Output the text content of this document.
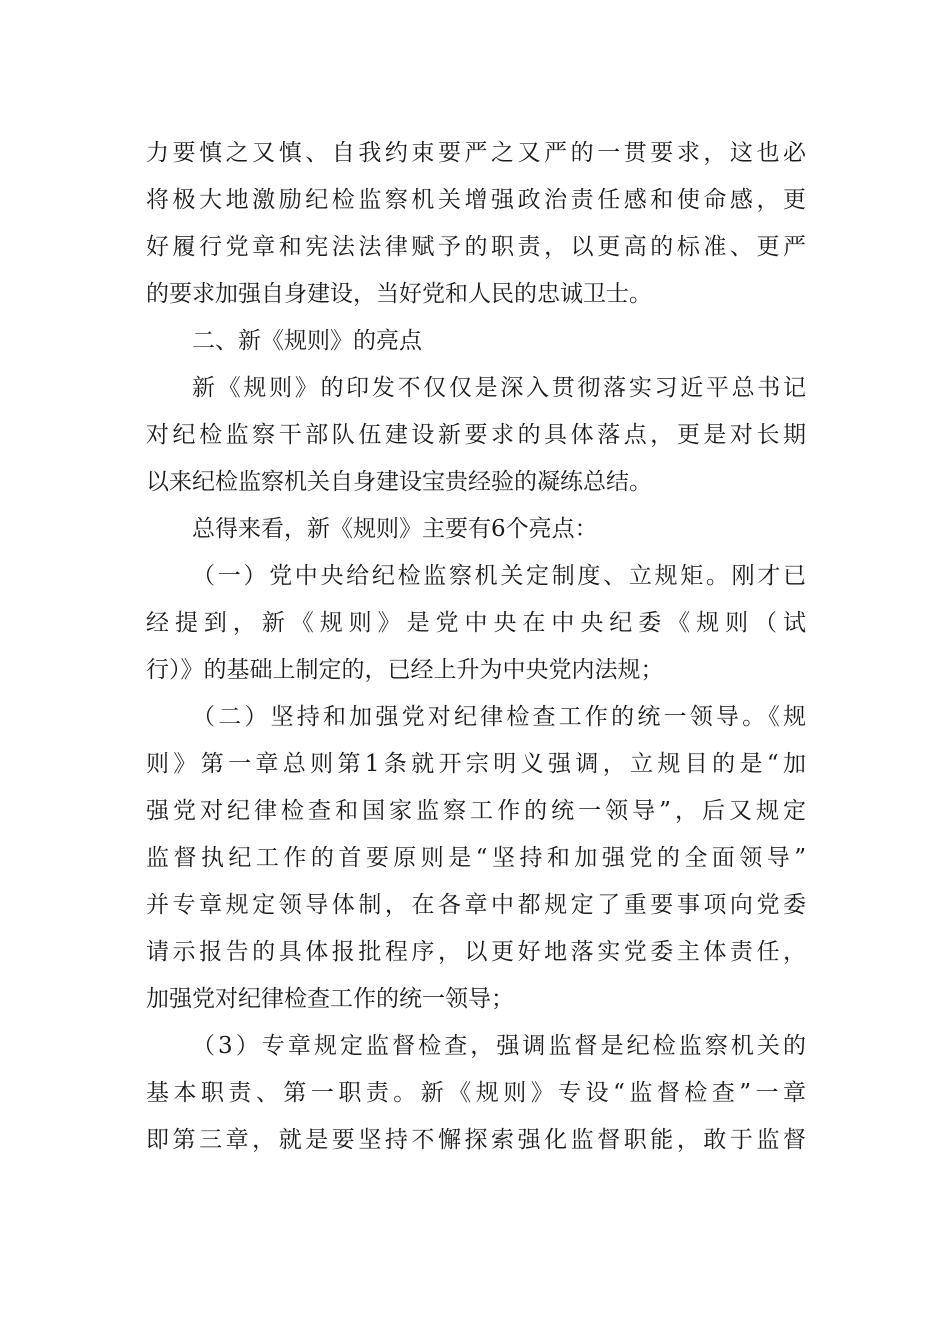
力要慎之又慎、自我约束要严之又严的一贯要求，这也必
将极大地激励纪检监察机关增强政治责任感和使命感，更
好履行党章和宪法法律赋予的职责，以更高的标准、更严
的要求加强自身建设，当好党和人民的忠诚卫士。
二、新《规则》的亮点
新《规则》的印发不仅仅是深入贯彻落实习近平总书记
对纪检监察干部队伍建设新要求的具体落点，更是对长期
以来纪检监察机关自身建设宝贵经验的凝练总结。
总得来看，新《规则》主要有6个亮点：
（一）党中央给纪检监察机关定制度、立规矩。刚才已
经提到，新《规则》是党中央在中央纪委《规则（试
行）》的基础上制定的，已经上升为中央党内法规；
（二）坚持和加强党对纪律检查工作的统一领导。《规
则》第一章总则第1条就开宗明义强调，立规目的是“加
强党对纪律检查和国家监察工作的统一领导”，后又规定
监督执纪工作的首要原则是“坚持和加强党的全面领导”
并专章规定领导体制，在各章中都规定了重要事项向党委
请示报告的具体报批程序，以更好地落实党委主体责任，
加强党对纪律检查工作的统一领导；
（3）专章规定监督检查，强调监督是纪检监察机关的
基本职责、第一职责。新《规则》专设“监督检查”一章
即第三章，就是要坚持不懈探索强化监督职能，敢于监督
